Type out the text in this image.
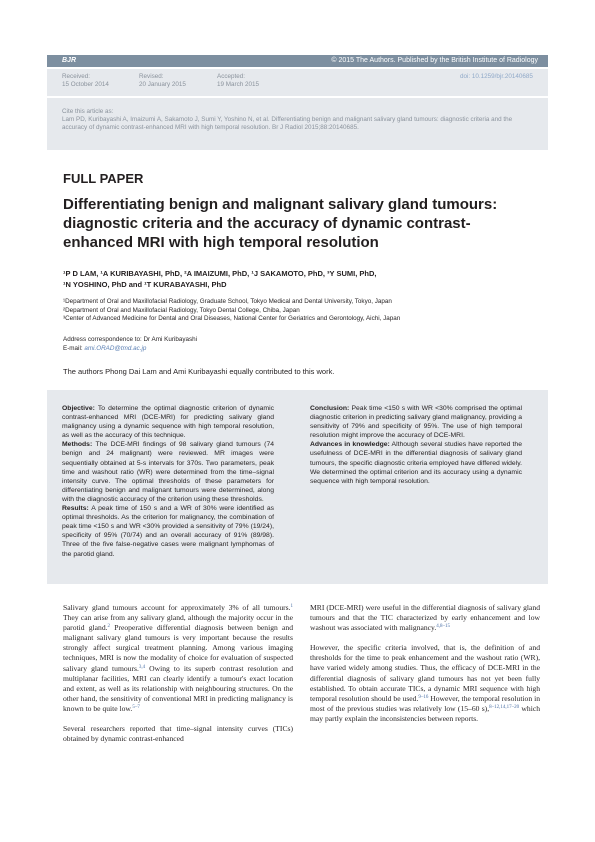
BJR	© 2015 The Authors. Published by the British Institute of Radiology
Received:
15 October 2014
Revised:
20 January 2015
Accepted:
19 March 2015
doi: 10.1259/bjr.20140685
Cite this article as:
Lam PD, Kuribayashi A, Imaizumi A, Sakamoto J, Sumi Y, Yoshino N, et al. Differentiating benign and malignant salivary gland tumours: diagnostic criteria and the accuracy of dynamic contrast-enhanced MRI with high temporal resolution. Br J Radiol 2015;88:20140685.
FULL PAPER
Differentiating benign and malignant salivary gland tumours: diagnostic criteria and the accuracy of dynamic contrast-enhanced MRI with high temporal resolution
¹P D LAM, ¹A KURIBAYASHI, PhD, ²A IMAIZUMI, PhD, ¹J SAKAMOTO, PhD, ³Y SUMI, PhD,
¹N YOSHINO, PhD and ¹T KURABAYASHI, PhD
¹Department of Oral and Maxillofacial Radiology, Graduate School, Tokyo Medical and Dental University, Tokyo, Japan
²Department of Oral and Maxillofacial Radiology, Tokyo Dental College, Chiba, Japan
³Center of Advanced Medicine for Dental and Oral Diseases, National Center for Geriatrics and Gerontology, Aichi, Japan
Address correspondence to: Dr Ami Kuribayashi
E-mail: ami.ORAD@tmd.ac.jp
The authors Phong Dai Lam and Ami Kuribayashi equally contributed to this work.

Objective: To determine the optimal diagnostic criterion of dynamic contrast-enhanced MRI (DCE-MRI) for predicting salivary gland malignancy using a dynamic sequence with high temporal resolution, as well as the accuracy of this technique.

Methods: The DCE-MRI findings of 98 salivary gland tumours (74 benign and 24 malignant) were reviewed. MR images were sequentially obtained at 5-s intervals for 370s. Two parameters, peak time and washout ratio (WR) were determined from the time–signal intensity curve. The optimal thresholds of these parameters for differentiating benign and malignant tumours were determined, along with the diagnostic accuracy of the criterion using these thresholds.

Results: A peak time of 150 s and a WR of 30% were identified as optimal thresholds. As the criterion for malignancy, the combination of peak time <150 s and WR <30% provided a sensitivity of 79% (19/24), specificity of 95% (70/74) and an overall accuracy of 91% (89/98). Three of the five false-negative cases were malignant lymphomas of the parotid gland.

Conclusion: Peak time <150 s with WR <30% comprised the optimal diagnostic criterion in predicting salivary gland malignancy, providing a sensitivity of 79% and specificity of 95%. The use of high temporal resolution might improve the accuracy of DCE-MRI.

Advances in knowledge: Although several studies have reported the usefulness of DCE-MRI in the differential diagnosis of salivary gland tumours, the specific diagnostic criteria employed have differed widely. We determined the optimal criterion and its accuracy using a dynamic sequence with high temporal resolution.

Salivary gland tumours account for approximately 3% of all tumours.$^1$ They can arise from any salivary gland, although the majority occur in the parotid gland.$^2$ Preoperative differential diagnosis between benign and malignant salivary gland tumours is very important because the results strongly affect surgical treatment planning. Among various imaging techniques, MRI is now the modality of choice for evaluation of suspected salivary gland tumours.$^{3,4}$ Owing to its superb contrast resolution and multiplanar facilities, MRI can clearly identify a tumour's exact location and extent, as well as its relationship with neighbouring structures. On the other hand, the sensitivity of conventional MRI in predicting malignancy is known to be quite low.$^{5-7}$

Several researchers reported that time–signal intensity curves (TICs) obtained by dynamic contrast-enhanced

MRI (DCE-MRI) were useful in the differential diagnosis of salivary gland tumours and that the TIC characterized by early enhancement and low washout was associated with malignancy.$^{4,8-15}$

However, the specific criteria involved, that is, the definition of and thresholds for the time to peak enhancement and the washout ratio (WR), have varied widely among studies. Thus, the efficacy of DCE-MRI in the differential diagnosis of salivary gland tumours has not yet been fully established. To obtain accurate TICs, a dynamic MRI sequence with high temporal resolution should be used.$^{9-16}$ However, the temporal resolution in most of the previous studies was relatively low (15–60 s),$^{8-12,14,17-20}$ which may partly explain the inconsistencies between reports.
